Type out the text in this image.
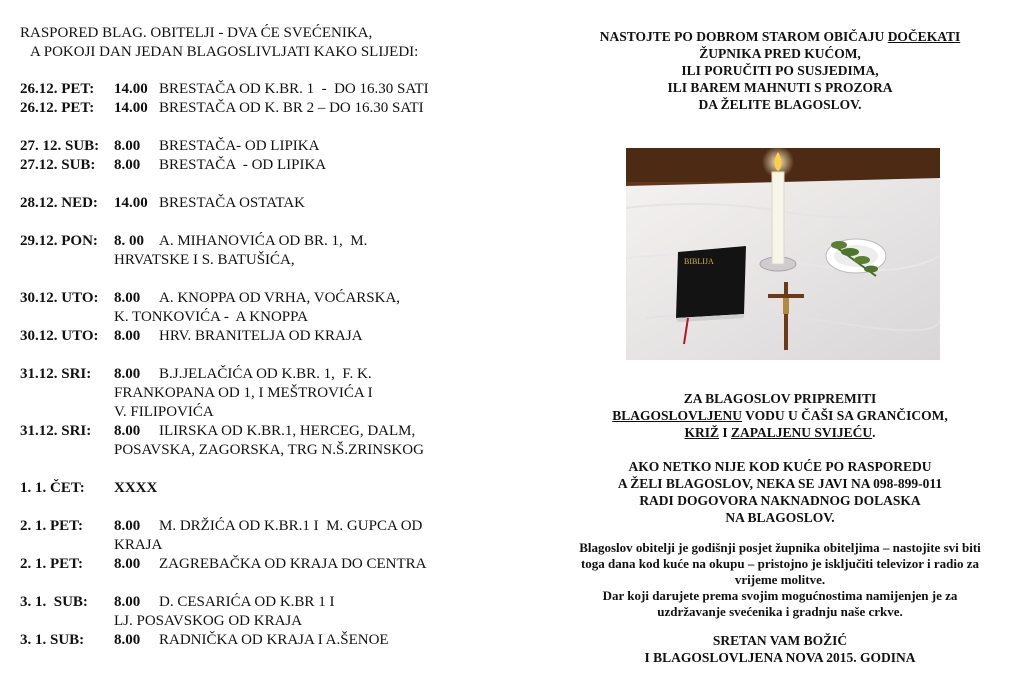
RASPORED BLAG. OBITELJI - DVA ĆE SVEĆENIKA,
A POKOJI DAN JEDAN BLAGOSLIVLJATI KAKO SLIJEDI:
26.12. PET:	14.00 BRESTAČA OD K.BR. 1  -  DO 16.30 SATI
26.12. PET:	14.00 BRESTAČA OD K. BR 2 – DO 16.30 SATI
27. 12. SUB: 8.00	BRESTAČA- OD LIPIKA
27.12. SUB:	8.00	BRESTAČA  - OD LIPIKA
28.12. NED:	14.00 BRESTAČA OSTATAK
29.12. PON:	8. 00	A. MIHANOVIĆA OD BR. 1,  M.
HRVATSKE I S. BATUŠIĆA,
30.12. UTO:	8.00	A. KNOPPA OD VRHA, VOĆARSKA,
K. TONKOVIĆA -  A KNOPPA
30.12. UTO:	8.00	HRV. BRANITELJA OD KRAJA
31.12. SRI:	8.00	B.J.JELAČIĆA OD K.BR. 1,  F. K.
FRANKOPANA OD 1, I MEŠTROVIĆA I
V. FILIPOVIĆA
31.12. SRI:	8.00	ILIRSKA OD K.BR.1, HERCEG, DALM,
POSAVSKA, ZAGORSKA, TRG N.Š.ZRINSKOG
1. 1. ČET:	XXXX
2. 1. PET:	8.00	M. DRŽIĆA OD K.BR.1 I  M. GUPCA OD
KRAJA
2. 1. PET:	8.00	ZAGREBAČKA OD KRAJA DO CENTRA
3. 1.  SUB:	8.00	D. CESARIĆA OD K.BR 1 I
LJ. POSAVSKOG OD KRAJA
3. 1. SUB:	8.00	RADNIČKA OD KRAJA I A.ŠENOE
NASTOJTE PO DOBROM STAROM OBIČAJU DOČEKATI
ŽUPNIKA PRED KUĆOM,
ILI PORUČITI PO SUSJEDIMA,
ILI BAREM MAHNUTI S PROZORA
DA ŽELITE BLAGOSLOV.
BIBLIJA
ZA BLAGOSLOV PRIPREMITI
BLAGOSLOVLJENU VODU U ČAŠI SA GRANČICOM,
KRIŽ I ZAPALJENU SVIJEĆU.
AKO NETKO NIJE KOD KUĆE PO RASPOREDU
A ŽELI BLAGOSLOV, NEKA SE JAVI NA 098-899-011
RADI DOGOVORA NAKNADNOG DOLASKA
NA BLAGOSLOV.
Blagoslov obitelji je godišnji posjet župnika obiteljima – nastojite svi biti
toga dana kod kuće na okupu – pristojno je isključiti televizor i radio za
vrijeme molitve.
Dar koji darujete prema svojim mogućnostima namijenjen je za
uzdržavanje svećenika i gradnju naše crkve.
SRETAN VAM BOŽIĆ
I BLAGOSLOVLJENA NOVA 2015. GODINA
